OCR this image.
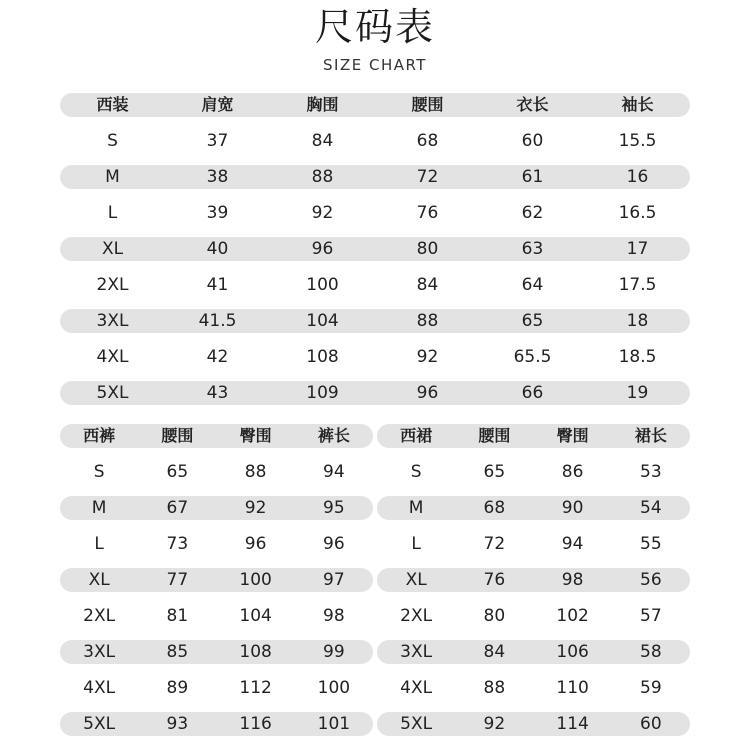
尺码表
SIZE CHART
西装	肩宽	胸围	腰围	衣长	袖长
S	37	84	68	60	15.5
M	38	88	72	61	16
L	39	92	76	62	16.5
XL	40	96	80	63	17
2XL	41	100	84	64	17.5
3XL	41.5	104	88	65	18
4XL	42	108	92	65.5	18.5
5XL	43	109	96	66	19
西裤	腰围	臀围	裤长
S	65	88	94
M	67	92	95
L	73	96	96
XL	77	100	97
2XL	81	104	98
3XL	85	108	99
4XL	89	112	100
5XL	93	116	101
西裙	腰围	臀围	裙长
S	65	86	53
M	68	90	54
L	72	94	55
XL	76	98	56
2XL	80	102	57
3XL	84	106	58
4XL	88	110	59
5XL	92	114	60
